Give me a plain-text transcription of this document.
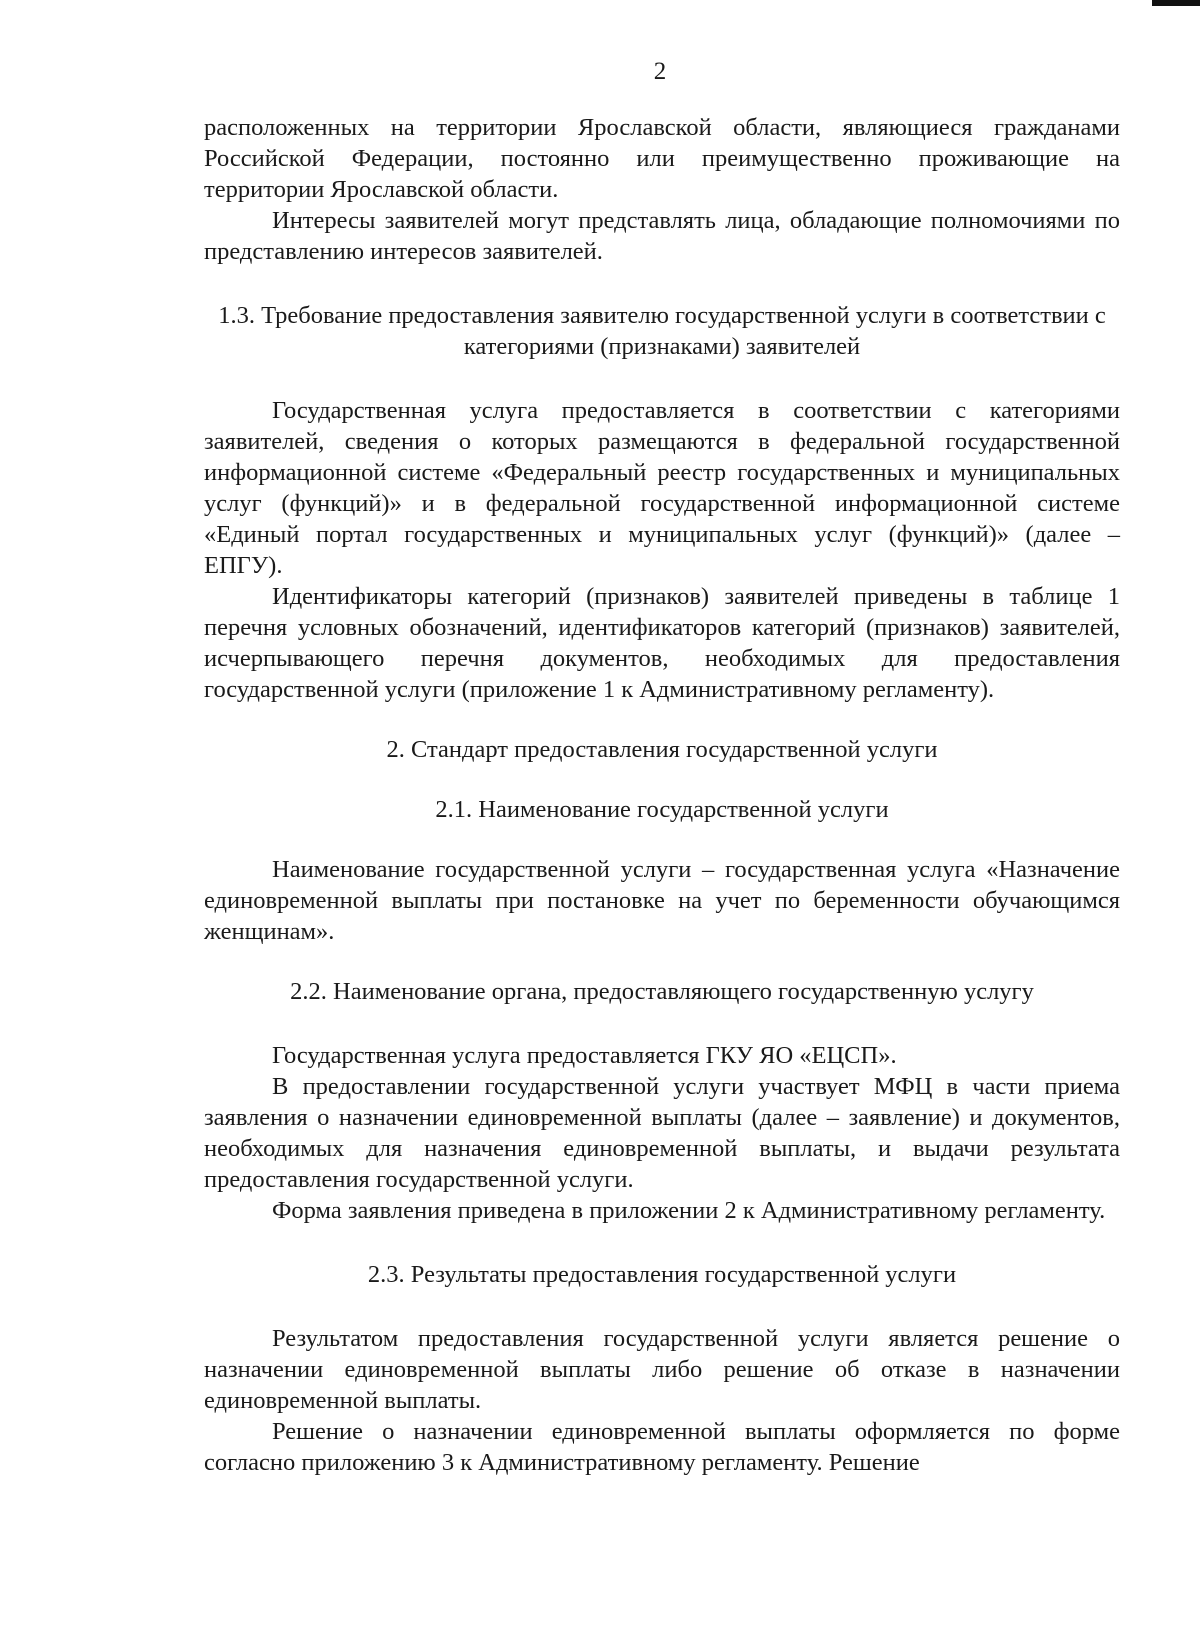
2

расположенных на территории Ярославской области, являющиеся гражданами Российской Федерации, постоянно или преимущественно проживающие на территории Ярославской области.

Интересы заявителей могут представлять лица, обладающие полномочиями по представлению интересов заявителей.

1.3. Требование предоставления заявителю государственной услуги в соответствии с категориями (признаками) заявителей

Государственная услуга предоставляется в соответствии с категориями заявителей, сведения о которых размещаются в федеральной государственной информационной системе «Федеральный реестр государственных и муниципальных услуг (функций)» и в федеральной государственной информационной системе «Единый портал государственных и муниципальных услуг (функций)» (далее – ЕПГУ).

Идентификаторы категорий (признаков) заявителей приведены в таблице 1 перечня условных обозначений, идентификаторов категорий (признаков) заявителей, исчерпывающего перечня документов, необходимых для предоставления государственной услуги (приложение 1 к Административному регламенту).

2. Стандарт предоставления государственной услуги
2.1. Наименование государственной услуги

Наименование государственной услуги – государственная услуга «Назначение единовременной выплаты при постановке на учет по беременности обучающимся женщинам».

2.2. Наименование органа, предоставляющего государственную услугу

Государственная услуга предоставляется ГКУ ЯО «ЕЦСП».

В предоставлении государственной услуги участвует МФЦ в части приема заявления о назначении единовременной выплаты (далее – заявление) и документов, необходимых для назначения единовременной выплаты, и выдачи результата предоставления государственной услуги.

Форма заявления приведена в приложении 2 к Административному регламенту.

2.3. Результаты предоставления государственной услуги

Результатом предоставления государственной услуги является решение о назначении единовременной выплаты либо решение об отказе в назначении единовременной выплаты.

Решение о назначении единовременной выплаты оформляется по форме согласно приложению 3 к Административному регламенту. Решение
